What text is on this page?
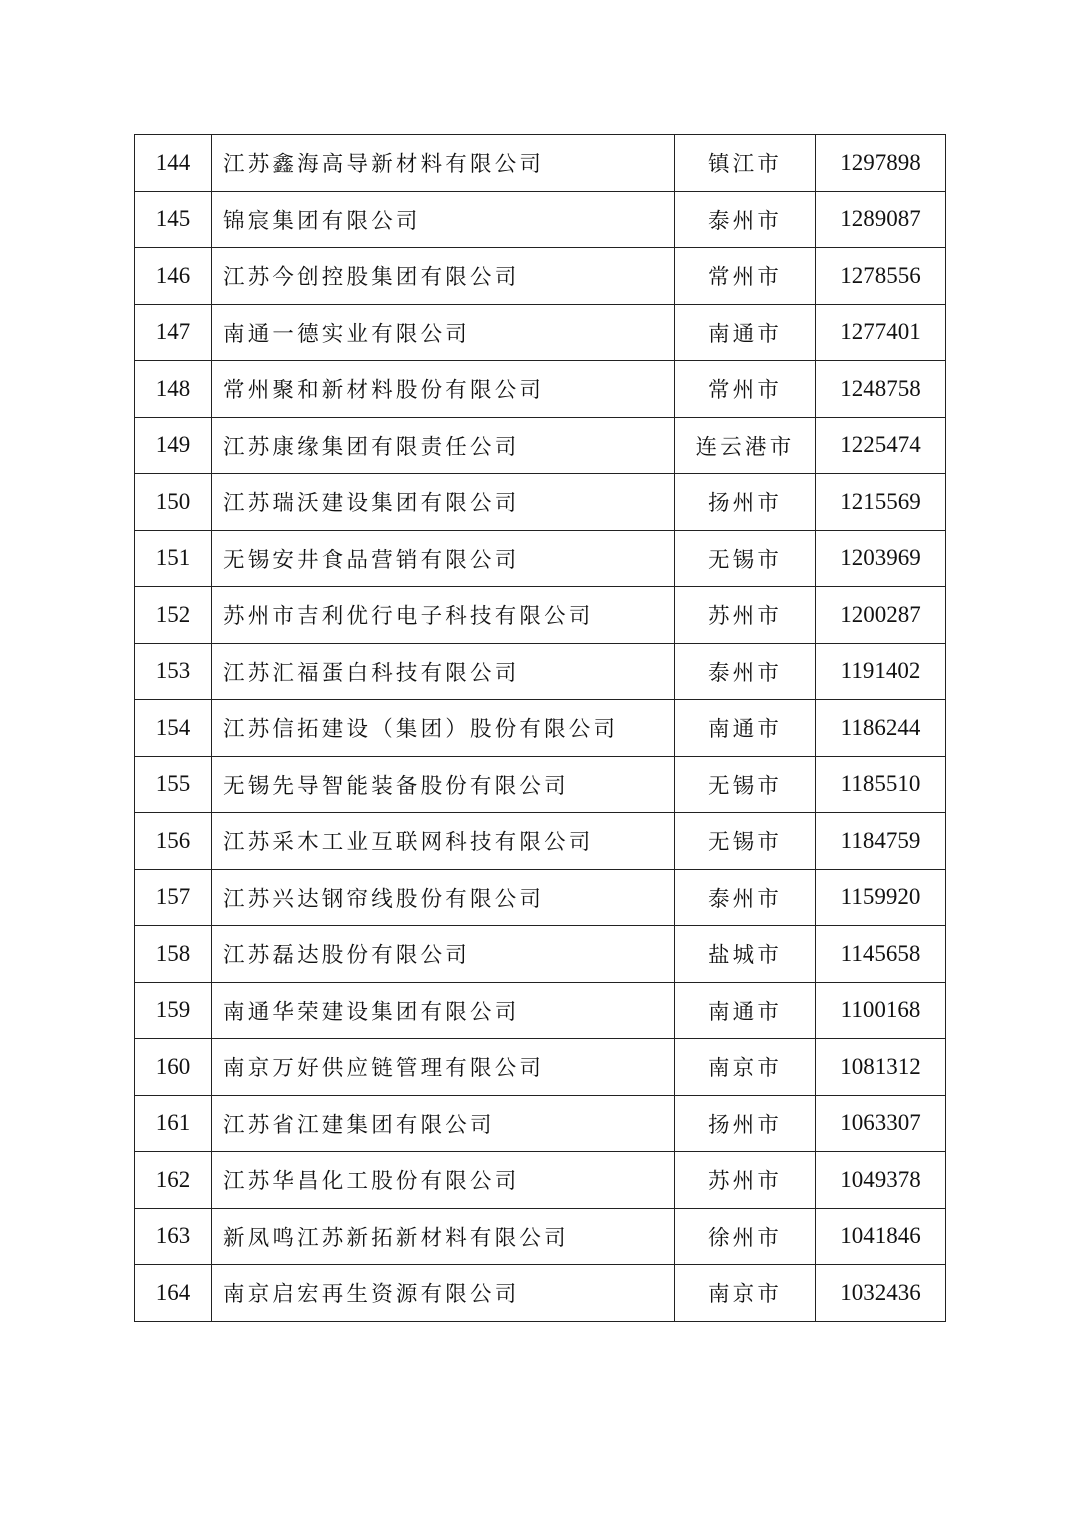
144	江苏鑫海高导新材料有限公司	镇江市	1297898
145	锦宸集团有限公司	泰州市	1289087
146	江苏今创控股集团有限公司	常州市	1278556
147	南通一德实业有限公司	南通市	1277401
148	常州聚和新材料股份有限公司	常州市	1248758
149	江苏康缘集团有限责任公司	连云港市	1225474
150	江苏瑞沃建设集团有限公司	扬州市	1215569
151	无锡安井食品营销有限公司	无锡市	1203969
152	苏州市吉利优行电子科技有限公司	苏州市	1200287
153	江苏汇福蛋白科技有限公司	泰州市	1191402
154	江苏信拓建设（集团）股份有限公司	南通市	1186244
155	无锡先导智能装备股份有限公司	无锡市	1185510
156	江苏采木工业互联网科技有限公司	无锡市	1184759
157	江苏兴达钢帘线股份有限公司	泰州市	1159920
158	江苏磊达股份有限公司	盐城市	1145658
159	南通华荣建设集团有限公司	南通市	1100168
160	南京万好供应链管理有限公司	南京市	1081312
161	江苏省江建集团有限公司	扬州市	1063307
162	江苏华昌化工股份有限公司	苏州市	1049378
163	新凤鸣江苏新拓新材料有限公司	徐州市	1041846
164	南京启宏再生资源有限公司	南京市	1032436
